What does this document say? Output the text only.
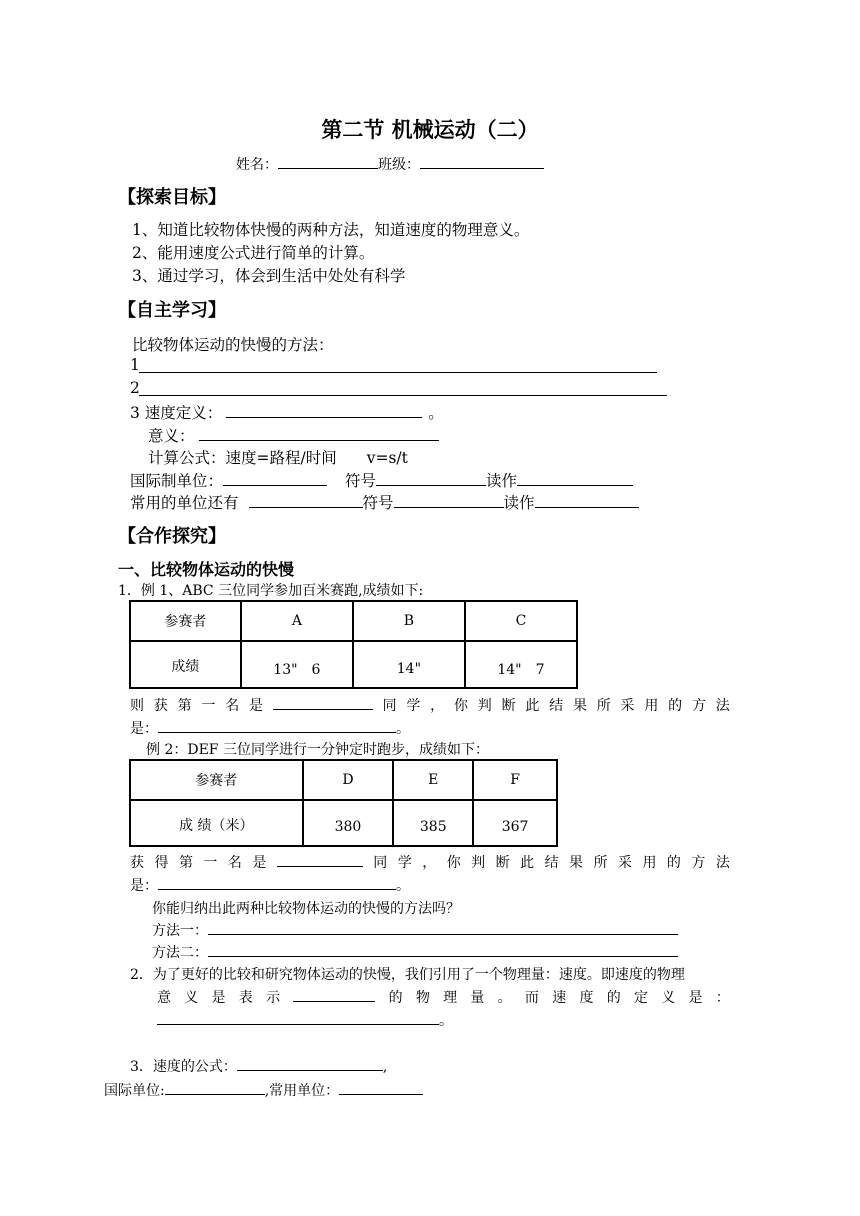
第二节 机械运动（二）
姓名：	班级：
【探索目标】
1、知道比较物体快慢的两种方法，知道速度的物理意义。
2、能用速度公式进行简单的计算。
3、通过学习，体会到生活中处处有科学
【自主学习】
比较物体运动的快慢的方法：
1
2
3 速度定义：	。
意义：
计算公式：速度=路程/时间 v=s/t
国际制单位：	符号	读作
常用的单位还有	符号	读作
【合作探究】
一、比较物体运动的快慢
1．例 1、ABC 三位同学参加百米赛跑,成绩如下:
参赛者	A	B	C
成绩	13"　6	14"	14"　7
则 获 第 一 名 是	同 学 ， 你 判 断 此 结 果 所 采 用 的 方 法
是：	。
例 2：DEF 三位同学进行一分钟定时跑步，成绩如下：
参赛者	D	E	F
成 绩（米）	380	385	367
获 得 第 一 名 是	同 学 ， 你 判 断 此 结 果 所 采 用 的 方 法
是：	。
你能归纳出此两种比较物体运动的快慢的方法吗？
方法一：
方法二：
2．为了更好的比较和研究物体运动的快慢，我们引用了一个物理量：速度。即速度的物理
意 义 是 表 示	的 物 理 量 。 而 速 度 的 定 义 是 ：
。
3．速度的公式：	,
国际单位:	,常用单位：
